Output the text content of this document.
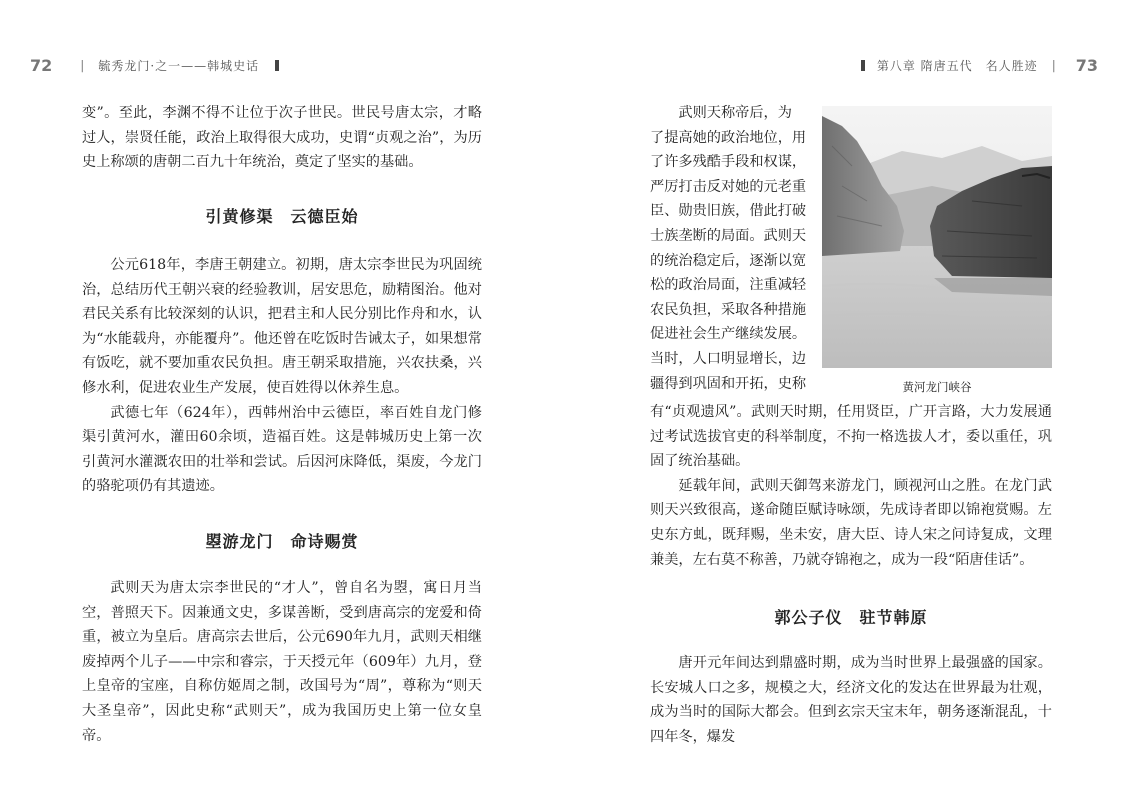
72 | 毓秀龙门·之一——韩城史话

变”。至此，李渊不得不让位于次子世民。世民号唐太宗，才略过人，崇贤任能，政治上取得很大成功，史谓“贞观之治”，为历史上称颂的唐朝二百九十年统治，奠定了坚实的基础。

引黄修渠　云德臣始

公元618年，李唐王朝建立。初期，唐太宗李世民为巩固统治，总结历代王朝兴衰的经验教训，居安思危，励精图治。他对君民关系有比较深刻的认识，把君主和人民分别比作舟和水，认为“水能载舟，亦能覆舟”。他还曾在吃饭时告诫太子，如果想常有饭吃，就不要加重农民负担。唐王朝采取措施，兴农扶桑，兴修水利，促进农业生产发展，使百姓得以休养生息。

武德七年（624年），西韩州治中云德臣，率百姓自龙门修渠引黄河水，灌田60余顷，造福百姓。这是韩城历史上第一次引黄河水灌溉农田的壮举和尝试。后因河床降低，渠废，今龙门的骆驼项仍有其遗迹。

曌游龙门　命诗赐赏

武则天为唐太宗李世民的“才人”，曾自名为曌，寓日月当空，普照天下。因兼通文史，多谋善断，受到唐高宗的宠爱和倚重，被立为皇后。唐高宗去世后，公元690年九月，武则天相继废掉两个儿子——中宗和睿宗，于天授元年（609年）九月，登上皇帝的宝座，自称仿姬周之制，改国号为“周”，尊称为“则天大圣皇帝”，因此史称“武则天”，成为我国历史上第一位女皇帝。

第八章 隋唐五代　名人胜迹 | 73
武则天称帝后，为
了提高她的政治地位，用
了许多残酷手段和权谋，
严厉打击反对她的元老重
臣、勋贵旧族，借此打破
士族垄断的局面。武则天
的统治稳定后，逐渐以宽
松的政治局面，注重减轻
农民负担，采取各种措施
促进社会生产继续发展。
当时，人口明显增长，边
疆得到巩固和开拓，史称	黄河龙门峡谷

有“贞观遗风”。武则天时期，任用贤臣，广开言路，大力发展通过考试选拔官吏的科举制度，不拘一格选拔人才，委以重任，巩固了统治基础。

延载年间，武则天御驾来游龙门，顾视河山之胜。在龙门武则天兴致很高，遂命随臣赋诗咏颂，先成诗者即以锦袍赏赐。左史东方虬，既拜赐，坐未安，唐大臣、诗人宋之问诗复成，文理兼美，左右莫不称善，乃就夺锦袍之，成为一段“陌唐佳话”。

郭公子仪　驻节韩原

唐开元年间达到鼎盛时期，成为当时世界上最强盛的国家。长安城人口之多，规模之大，经济文化的发达在世界最为壮观，成为当时的国际大都会。但到玄宗天宝末年，朝务逐渐混乱，十四年冬，爆发
